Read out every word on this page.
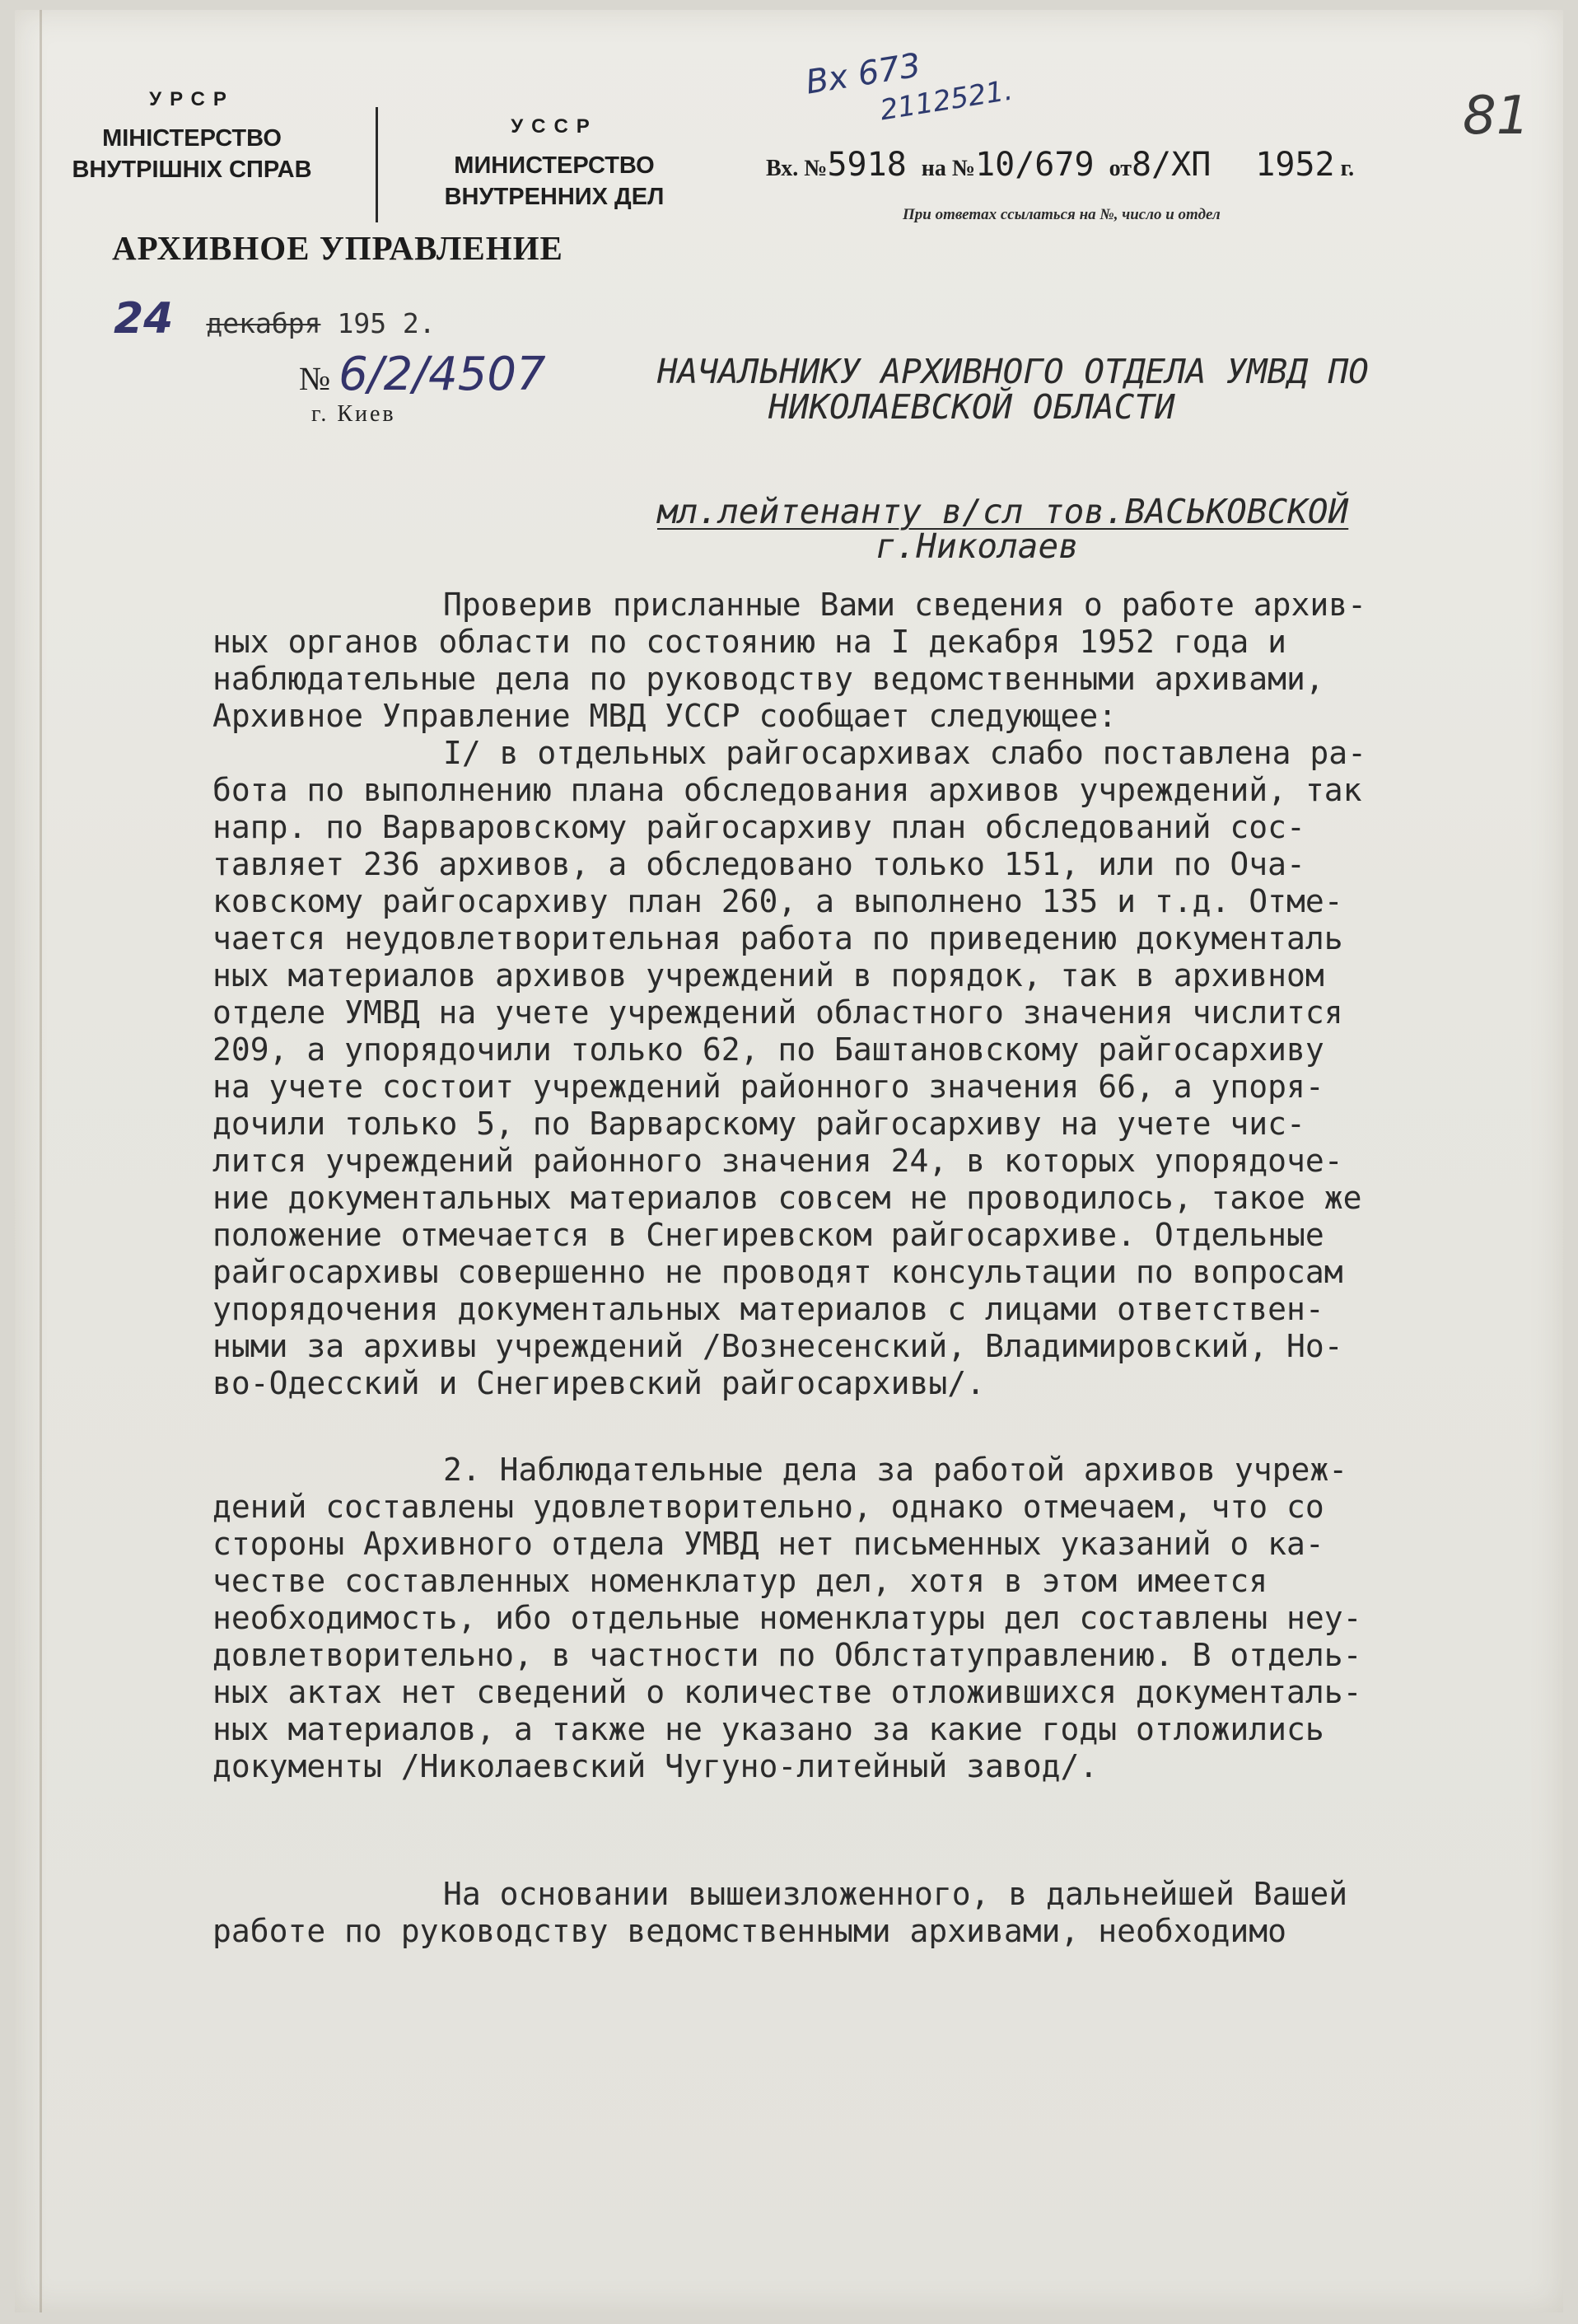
УРСР
МІНІСТЕРСТВО
ВНУТРІШНІХ СПРАВ
УССР
МИНИСТЕРСТВО
ВНУТРЕННИХ ДЕЛ
АРХИВНОЕ УПРАВЛЕНИЕ
24 декабря 195 2.
№ 6/2/4507
г. Киев
Вх 673
2112521.	81
Вх. №5918 на №10/679 от8/ХП 1952 г.
При ответах ссылаться на №, число и отдел
НАЧАЛЬНИКУ АРХИВНОГО ОТДЕЛА УМВД ПО
НИКОЛАЕВСКОЙ ОБЛАСТИ
мл.лейтенанту в/сл тов.ВАСЬКОВСКОЙ
г.Николаев
Проверив присланные Вами сведения о работе архив-
ных органов области по состоянию на I декабря 1952 года и
наблюдательные дела по руководству ведомственными архивами,
Архивное Управление МВД УССР сообщает следующее:
I/ в отдельных райгосархивах слабо поставлена ра-
бота по выполнению плана обследования архивов учреждений, так
напр. по Варваровскому райгосархиву план обследований сос-
тавляет 236 архивов, а обследовано только 151, или по Оча-
ковскому райгосархиву план 260, а выполнено 135 и т.д. Отме-
чается неудовлетворительная работа по приведению документаль
ных материалов архивов учреждений в порядок, так в архивном
отделе УМВД на учете учреждений областного значения числится
209, а упорядочили только 62, по Баштановскому райгосархиву
на учете состоит учреждений районного значения 66, а упоря-
дочили только 5, по Варварскому райгосархиву на учете чис-
лится учреждений районного значения 24, в которых упорядоче-
ние документальных материалов совсем не проводилось, такое же
положение отмечается в Снегиревском райгосархиве. Отдельные
райгосархивы совершенно не проводят консультации по вопросам
упорядочения документальных материалов с лицами ответствен-
ными за архивы учреждений /Вознесенский, Владимировский, Но-
во-Одесский и Снегиревский райгосархивы/.
2. Наблюдательные дела за работой архивов учреж-
дений составлены удовлетворительно, однако отмечаем, что со
стороны Архивного отдела УМВД нет письменных указаний о ка-
честве составленных номенклатур дел, хотя в этом имеется
необходимость, ибо отдельные номенклатуры дел составлены неу-
довлетворительно, в частности по Облстатуправлению. В отдель-
ных актах нет сведений о количестве отложившихся документаль-
ных материалов, а также не указано за какие годы отложились
документы /Николаевский Чугуно-литейный завод/.
На основании вышеизложенного, в дальнейшей Вашей
работе по руководству ведомственными архивами, необходимо
